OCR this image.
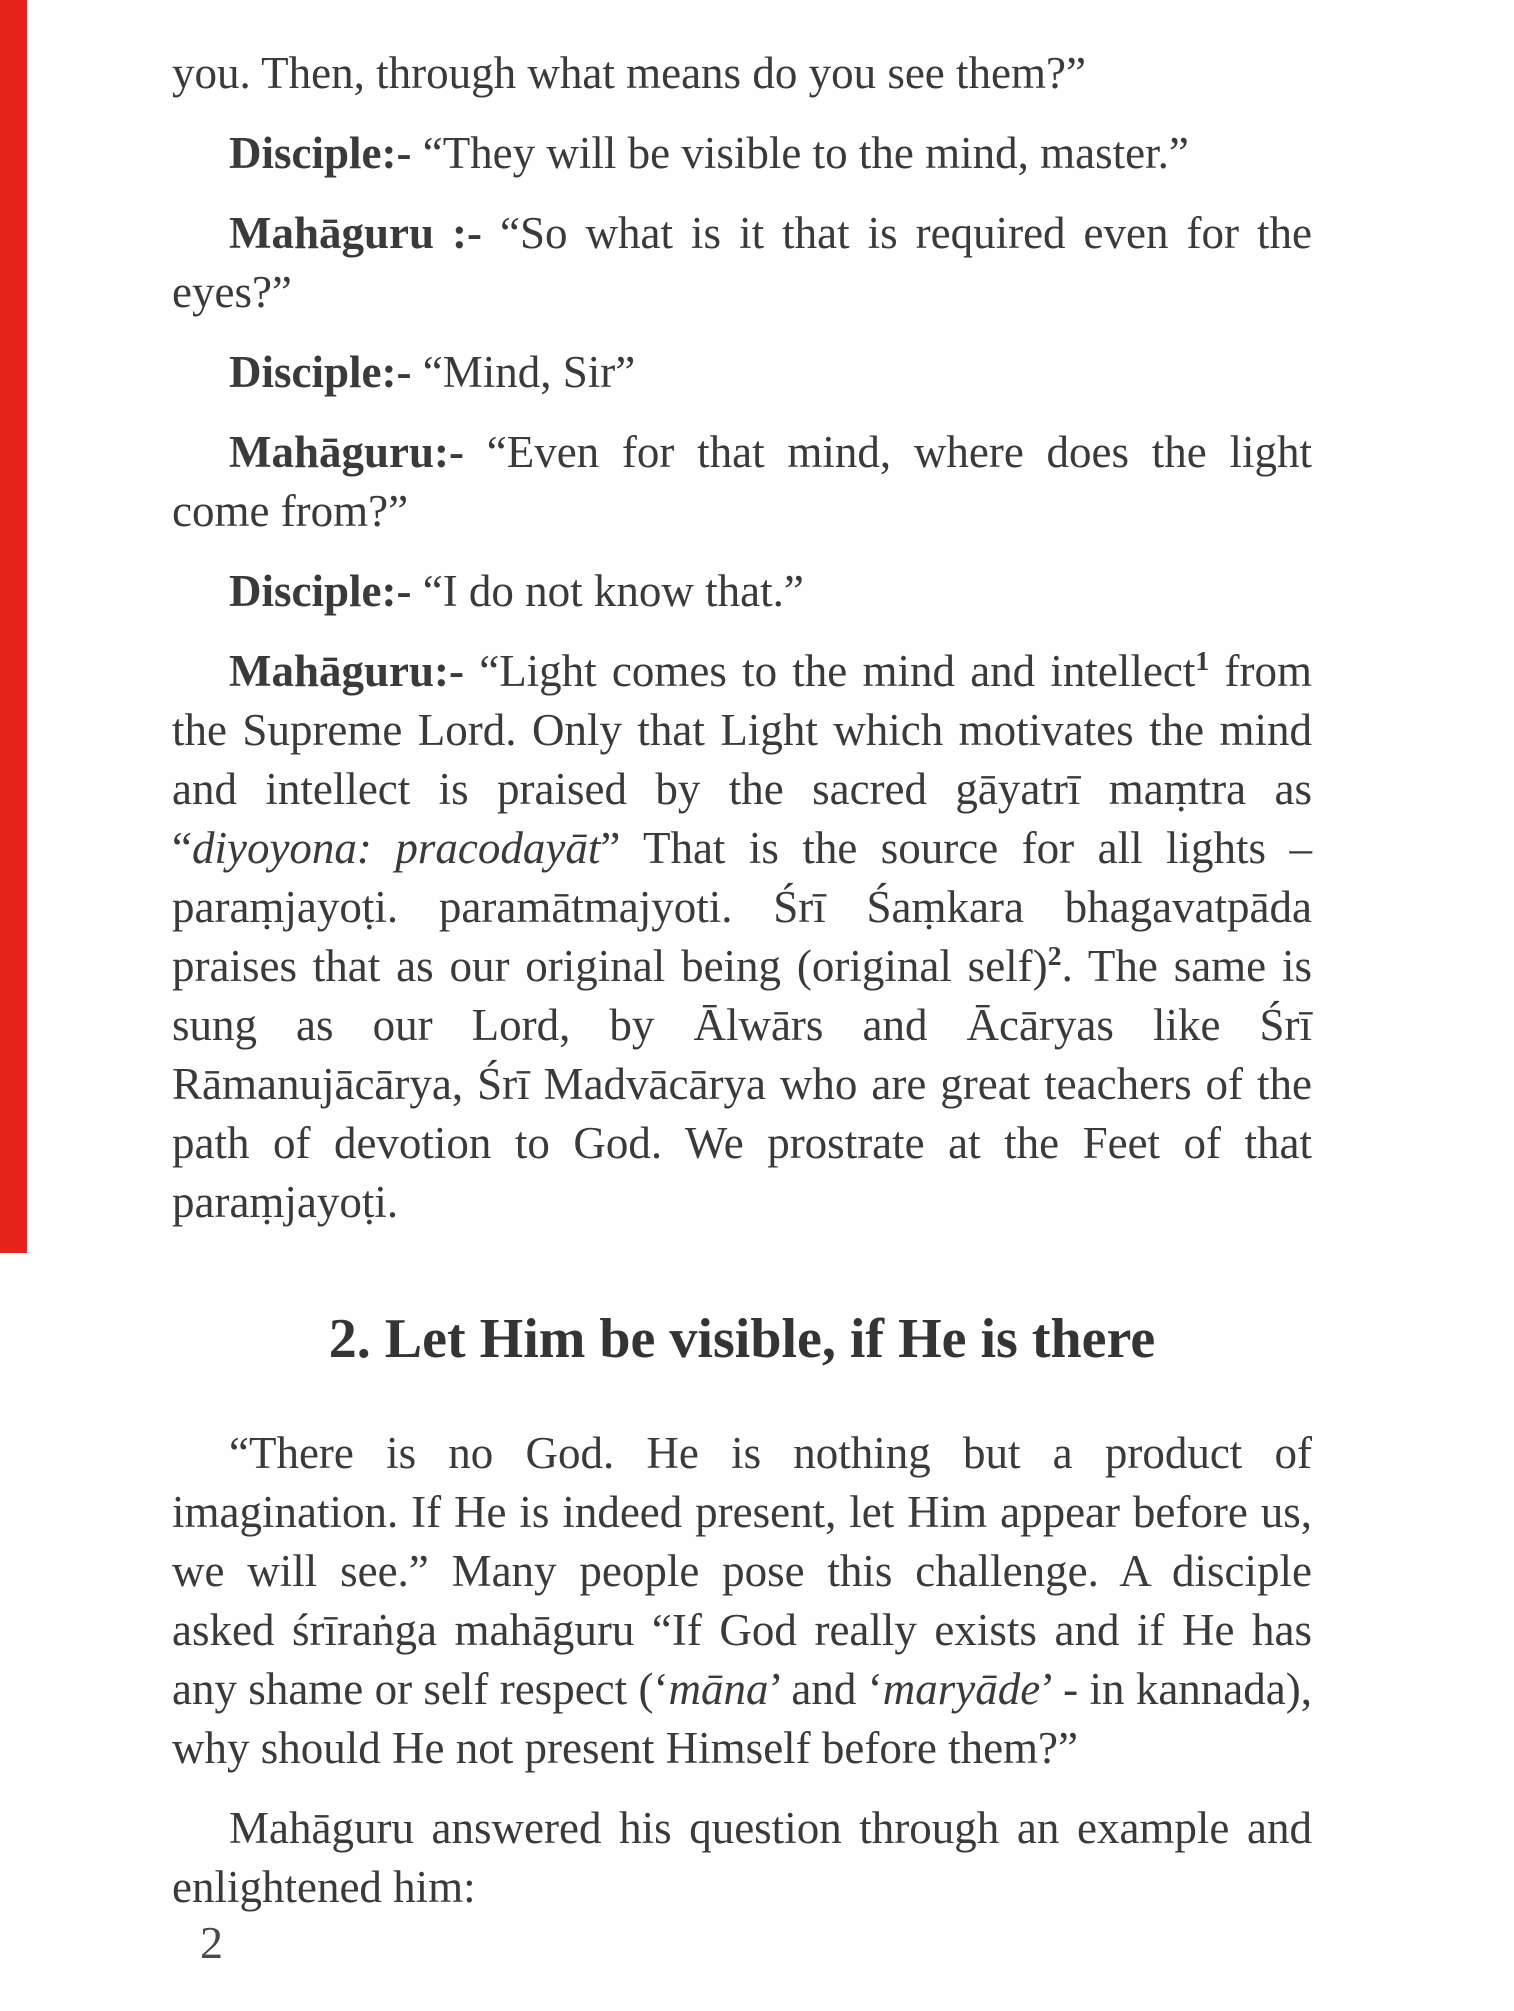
you. Then, through what means do you see them?”

Disciple:- “They will be visible to the mind, master.”

Mahāguru :- “So what is it that is required even for the eyes?”

Disciple:- “Mind, Sir”

Mahāguru:- “Even for that mind, where does the light come from?”

Disciple:- “I do not know that.”

Mahāguru:- “Light comes to the mind and intellect$^1$ from the Supreme Lord. Only that Light which motivates the mind and intellect is praised by the sacred gāyatrī maṃtra as “diyoyona: pracodayāt” That is the source for all lights – paraṃjayoṭi. paramātmajyoti. Śrī Śaṃkara bhagavatpāda praises that as our original being (original self)$^2$. The same is sung as our Lord, by Ālwārs and Ācāryas like Śrī Rāmanujācārya, Śrī Madvācārya who are great teachers of the path of devotion to God. We prostrate at the Feet of that paraṃjayoṭi.

2. Let Him be visible, if He is there

“There is no God. He is nothing but a product of imagination. If He is indeed present, let Him appear before us, we will see.” Many people pose this challenge. A disciple asked śrīraṅga mahāguru “If God really exists and if He has any shame or self respect (‘māna’ and ‘maryāde’ - in kannada), why should He not present Himself before them?”

Mahāguru answered his question through an example and enlightened him:

2
